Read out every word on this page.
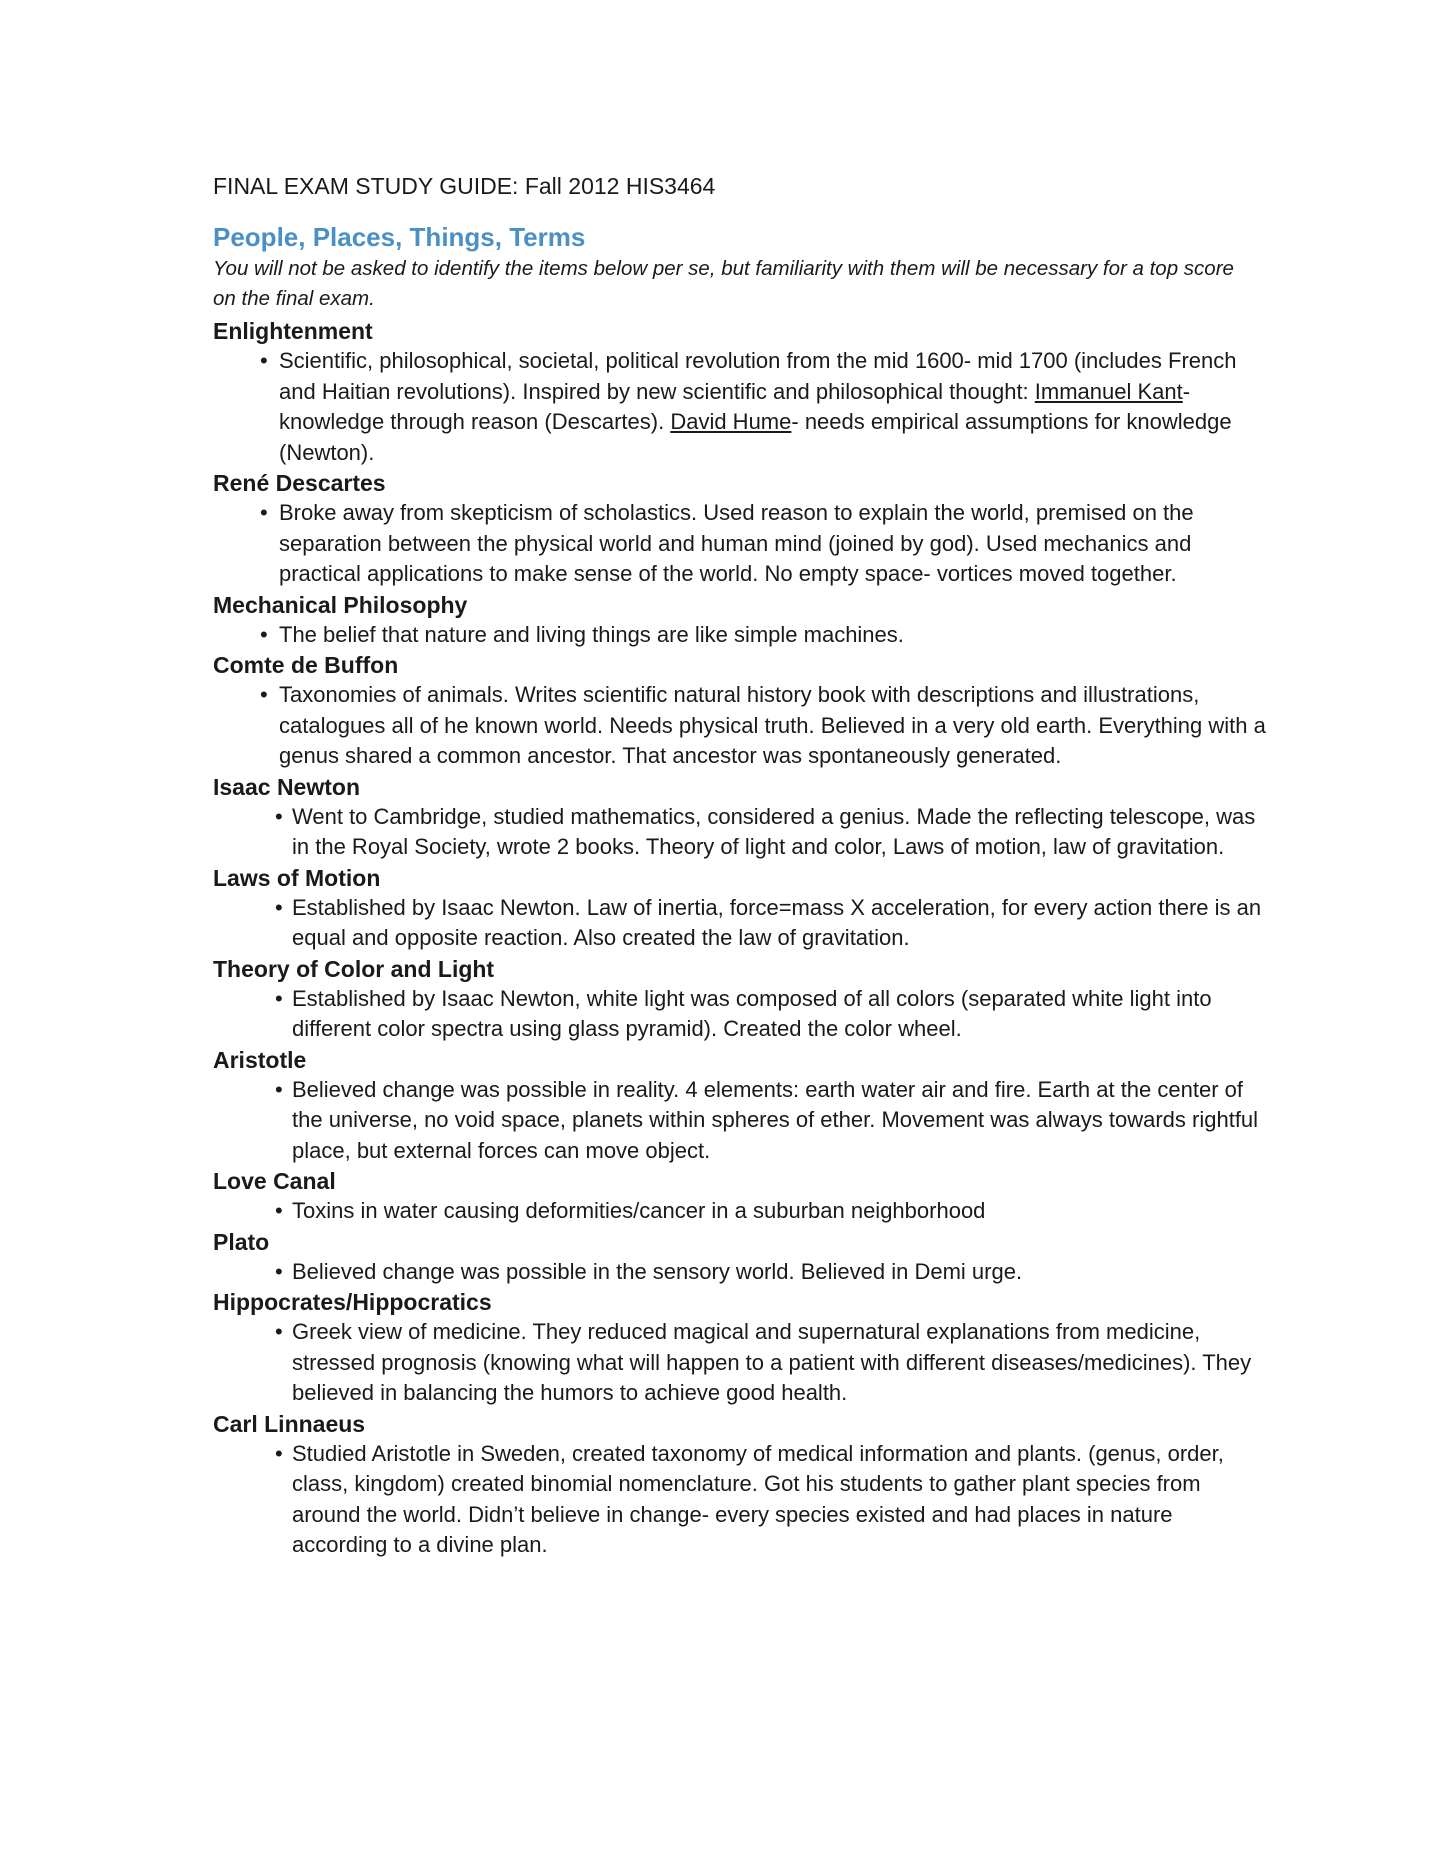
FINAL EXAM STUDY GUIDE: Fall 2012 HIS3464

People, Places, Things, Terms

You will not be asked to identify the items below per se, but familiarity with them will be necessary for a top score on the final exam.

Enlightenment

• Scientific, philosophical, societal, political revolution from the mid 1600- mid 1700 (includes French and Haitian revolutions). Inspired by new scientific and philosophical thought: Immanuel Kant- knowledge through reason (Descartes). David Hume- needs empirical assumptions for knowledge (Newton).

René Descartes

• Broke away from skepticism of scholastics. Used reason to explain the world, premised on the separation between the physical world and human mind (joined by god). Used mechanics and practical applications to make sense of the world. No empty space- vortices moved together.

Mechanical Philosophy

• The belief that nature and living things are like simple machines.

Comte de Buffon

• Taxonomies of animals. Writes scientific natural history book with descriptions and illustrations, catalogues all of he known world. Needs physical truth. Believed in a very old earth. Everything with a genus shared a common ancestor. That ancestor was spontaneously generated.

Isaac Newton

• Went to Cambridge, studied mathematics, considered a genius. Made the reflecting telescope, was in the Royal Society, wrote 2 books. Theory of light and color, Laws of motion, law of gravitation.

Laws of Motion

• Established by Isaac Newton. Law of inertia, force=mass X acceleration, for every action there is an equal and opposite reaction. Also created the law of gravitation.

Theory of Color and Light

• Established by Isaac Newton, white light was composed of all colors (separated white light into different color spectra using glass pyramid). Created the color wheel.

Aristotle

• Believed change was possible in reality. 4 elements: earth water air and fire. Earth at the center of the universe, no void space, planets within spheres of ether. Movement was always towards rightful place, but external forces can move object.

Love Canal

• Toxins in water causing deformities/cancer in a suburban neighborhood

Plato

• Believed change was possible in the sensory world. Believed in Demi urge.

Hippocrates/Hippocratics

• Greek view of medicine. They reduced magical and supernatural explanations from medicine, stressed prognosis (knowing what will happen to a patient with different diseases/medicines). They believed in balancing the humors to achieve good health.

Carl Linnaeus

• Studied Aristotle in Sweden, created taxonomy of medical information and plants. (genus, order, class, kingdom) created binomial nomenclature. Got his students to gather plant species from around the world. Didn’t believe in change- every species existed and had places in nature according to a divine plan.
